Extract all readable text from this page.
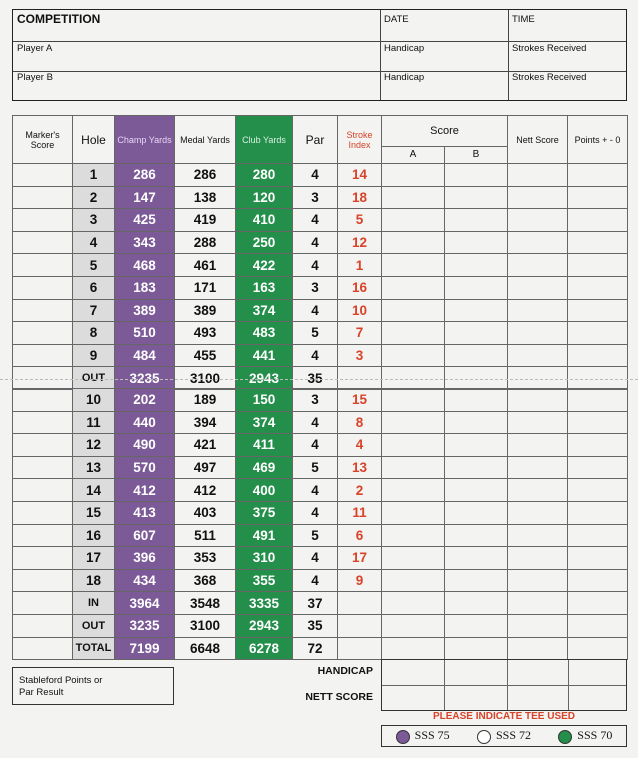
COMPETITION	DATE	TIME
Player A	Handicap	Strokes Received
Player B	Handicap	Strokes Received
Marker's Score	Hole	Champ Yards	Medal Yards	Club Yards	Par	Stroke Index	Score		Nett Score	Points + - 0
							A	B		
	1	286	286	280	4	14				
	2	147	138	120	3	18				
	3	425	419	410	4	5				
	4	343	288	250	4	12				
	5	468	461	422	4	1				
	6	183	171	163	3	16				
	7	389	389	374	4	10				
	8	510	493	483	5	7				
	9	484	455	441	4	3				
	OUT	3235	3100	2943	35					
	10	202	189	150	3	15				
	11	440	394	374	4	8				
	12	490	421	411	4	4				
	13	570	497	469	5	13				
	14	412	412	400	4	2				
	15	413	403	375	4	11				
	16	607	511	491	5	6				
	17	396	353	310	4	17				
	18	434	368	355	4	9				
	IN	3964	3548	3335	37					
	OUT	3235	3100	2943	35					
	TOTAL	7199	6648	6278	72					
Stableford Points or Par Result
HANDICAP
NETT SCORE
PLEASE INDICATE TEE USED
SSS 75	SSS 72	SSS 70
